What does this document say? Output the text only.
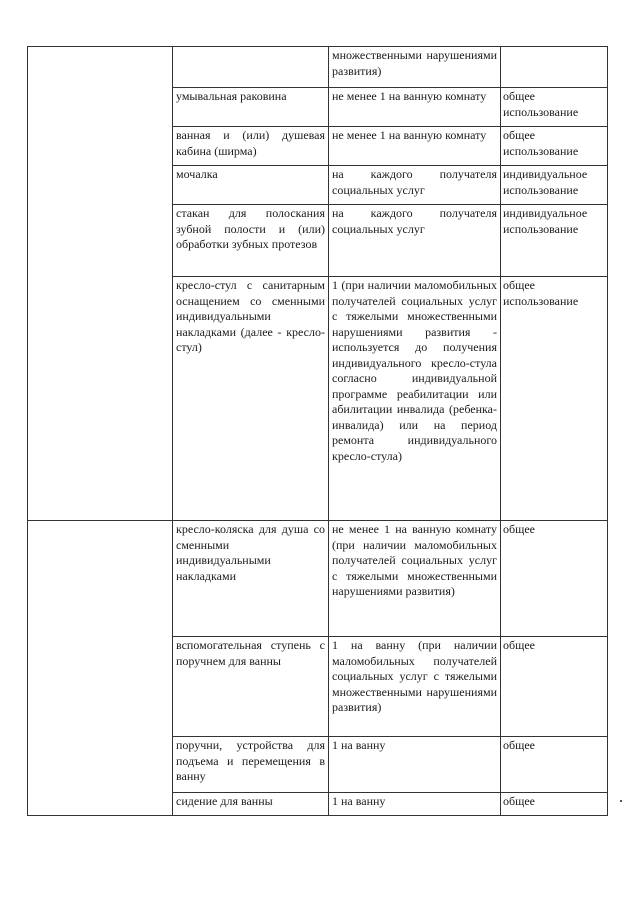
		множественными нарушениями развития)	
	умывальная раковина	не менее 1 на ванную комнату	общее использование
	ванная и (или) душевая кабина (ширма)	не менее 1 на ванную комнату	общее использование
	мочалка	на каждого получателя социальных услуг	индивидуальное использование
	стакан для полоскания зубной полости и (или) обработки зубных протезов	на каждого получателя социальных услуг	индивидуальное использование
	кресло-стул с санитарным оснащением со сменными индивидуальными накладками (далее - кресло-стул)	1 (при наличии маломобильных получателей социальных услуг с тяжелыми множественными нарушениями развития - используется до получения индивидуального кресло-стула согласно индивидуальной программе реабилитации или абилитации инвалида (ребенка-инвалида) или на период ремонта индивидуального кресло-стула)	общее использование
	кресло-коляска для душа со сменными индивидуальными накладками	не менее 1 на ванную комнату (при наличии маломобильных получателей социальных услуг с тяжелыми множественными нарушениями развития)	общее
	вспомогательная ступень с поручнем для ванны	1 на ванну (при наличии маломобильных получателей социальных услуг с тяжелыми множественными нарушениями развития)	общее
	поручни, устройства для подъема и перемещения в ванну	1 на ванну	общее
	сидение для ванны	1 на ванну	общее
